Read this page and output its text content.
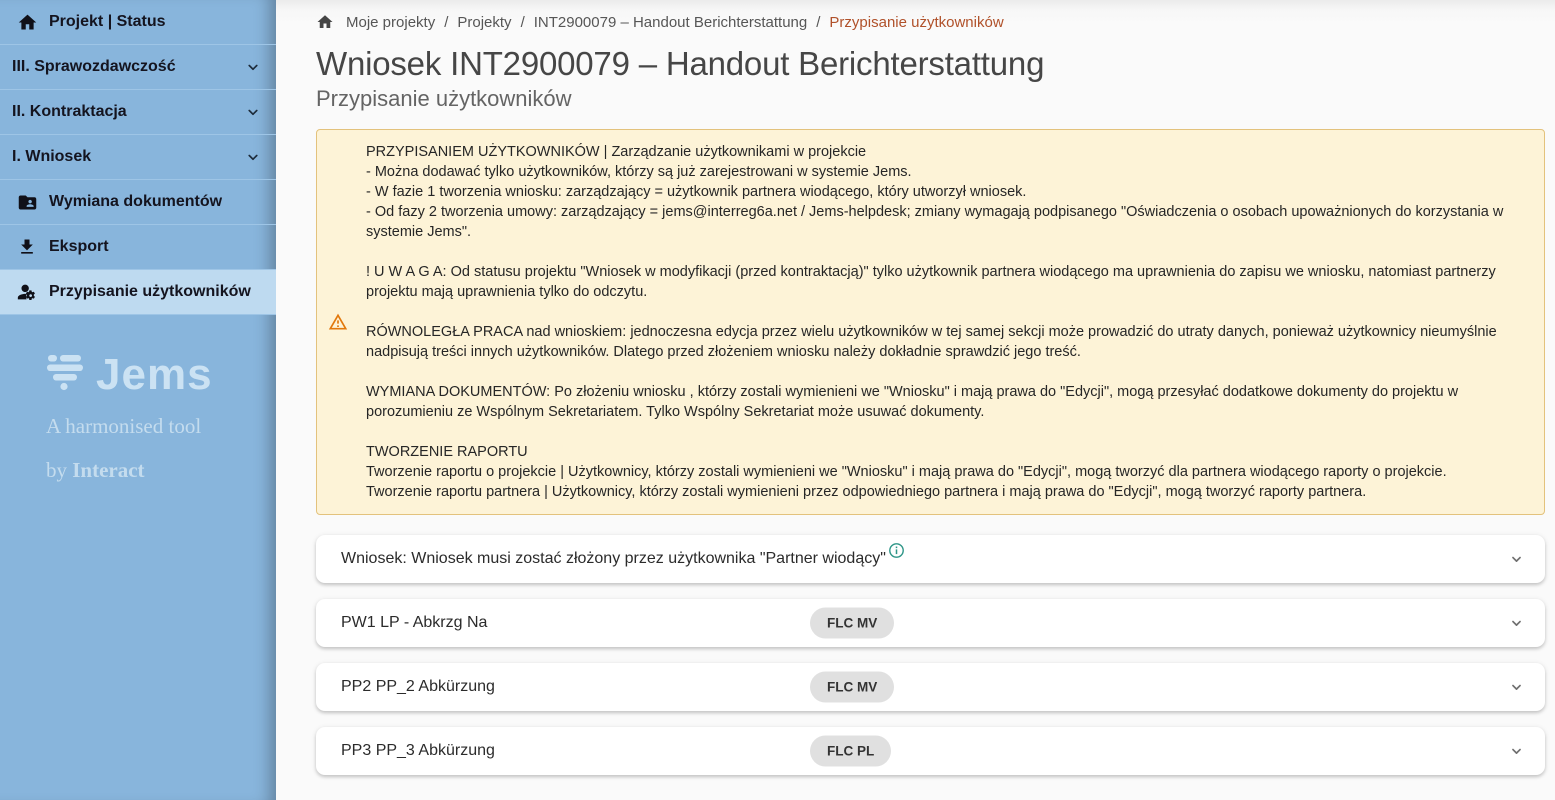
Projekt | Status
III. Sprawozdawczość
II. Kontraktacja
I. Wniosek
Wymiana dokumentów
Eksport
Przypisanie użytkowników
Jems
A harmonised tool
by Interact
Moje projekty / Projekty / INT2900079 – Handout Berichterstattung / Przypisanie użytkowników
Wniosek INT2900079 – Handout Berichterstattung
Przypisanie użytkowników
PRZYPISANIEM UŻYTKOWNIKÓW | Zarządzanie użytkownikami w projekcie
- Można dodawać tylko użytkowników, którzy są już zarejestrowani w systemie Jems.
- W fazie 1 tworzenia wniosku: zarządzający = użytkownik partnera wiodącego, który utworzył wniosek.
- Od fazy 2 tworzenia umowy: zarządzający = jems@interreg6a.net / Jems-helpdesk; zmiany wymagają podpisanego "Oświadczenia o osobach upoważnionych do korzystania w systemie Jems".
! U W A G A: Od statusu projektu "Wniosek w modyfikacji (przed kontraktacją)" tylko użytkownik partnera wiodącego ma uprawnienia do zapisu we wniosku, natomiast partnerzy projektu mają uprawnienia tylko do odczytu.
RÓWNOLEGŁA PRACA nad wnioskiem: jednoczesna edycja przez wielu użytkowników w tej samej sekcji może prowadzić do utraty danych, ponieważ użytkownicy nieumyślnie nadpisują treści innych użytkowników. Dlatego przed złożeniem wniosku należy dokładnie sprawdzić jego treść.
WYMIANA DOKUMENTÓW: Po złożeniu wniosku , którzy zostali wymienieni we "Wniosku" i mają prawa do "Edycji", mogą przesyłać dodatkowe dokumenty do projektu w porozumieniu ze Wspólnym Sekretariatem. Tylko Wspólny Sekretariat może usuwać dokumenty.
TWORZENIE RAPORTU
Tworzenie raportu o projekcie | Użytkownicy, którzy zostali wymienieni we "Wniosku" i mają prawa do "Edycji", mogą tworzyć dla partnera wiodącego raporty o projekcie.
Tworzenie raportu partnera | Użytkownicy, którzy zostali wymienieni przez odpowiedniego partnera i mają prawa do "Edycji", mogą tworzyć raporty partnera.
Wniosek: Wniosek musi zostać złożony przez użytkownika "Partner wiodący"
PW1 LP - Abkrzg Na	FLC MV
PP2 PP_2 Abkürzung	FLC MV
PP3 PP_3 Abkürzung	FLC PL
